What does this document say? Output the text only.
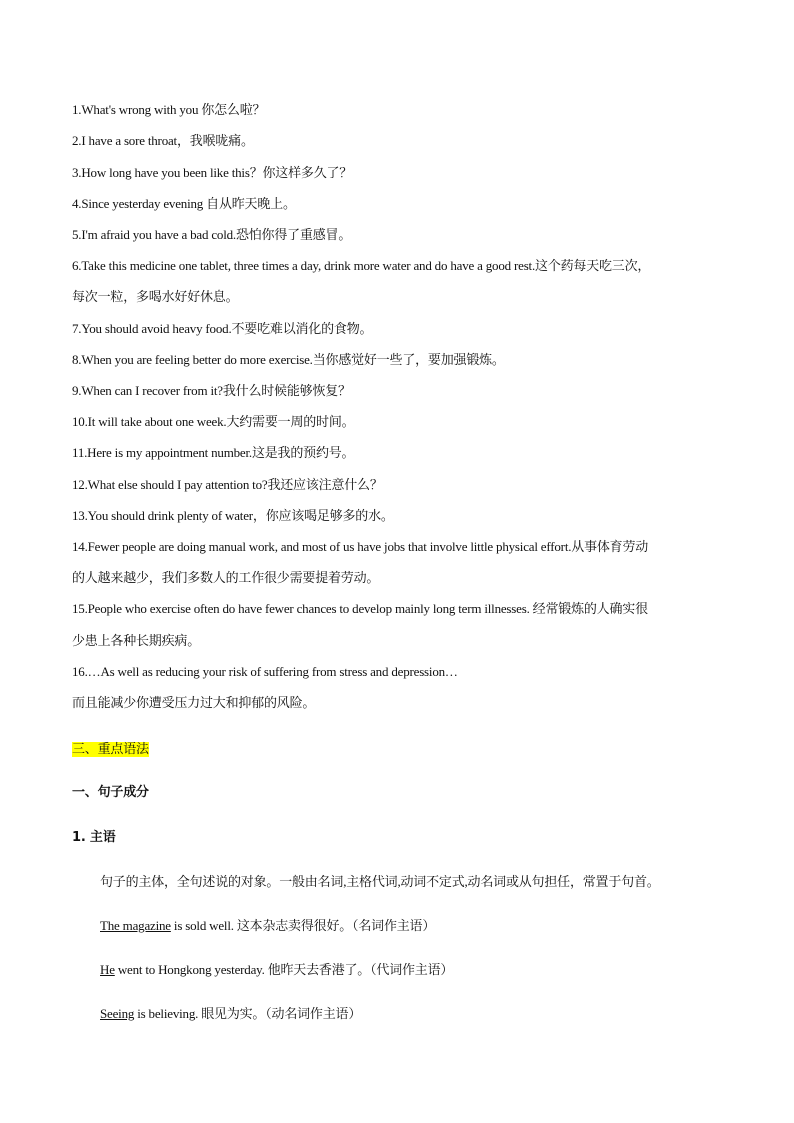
1.What's wrong with you 你怎么啦？
2.I have a sore throat，我喉咙痛。
3.How long have you been like this？你这样多久了？
4.Since yesterday evening 自从昨天晚上。
5.I'm afraid you have a bad cold.恐怕你得了重感冒。
6.Take this medicine one tablet, three times a day, drink more water and do have a good rest.这个药每天吃三次，
每次一粒，多喝水好好休息。
7.You should avoid heavy food.不要吃难以消化的食物。
8.When you are feeling better do more exercise.当你感觉好一些了，要加强锻炼。
9.When can I recover from it?我什么时候能够恢复？
10.It will take about one week.大约需要一周的时间。
11.Here is my appointment number.这是我的预约号。
12.What else should I pay attention to?我还应该注意什么？
13.You should drink plenty of water，你应该喝足够多的水。
14.Fewer people are doing manual work, and most of us have jobs that involve little physical effort.从事体育劳动
的人越来越少，我们多数人的工作很少需要提着劳动。
15.People who exercise often do have fewer chances to develop mainly long term illnesses. 经常锻炼的人确实很
少患上各种长期疾病。
16.…As well as reducing your risk of suffering from stress and depression…
而且能减少你遭受压力过大和抑郁的风险。
三、重点语法
一、句子成分
1. 主语
句子的主体，全句述说的对象。一般由名词,主格代词,动词不定式,动名词或从句担任，常置于句首。
The magazine is sold well. 这本杂志卖得很好。（名词作主语）
He went to Hongkong yesterday. 他昨天去香港了。（代词作主语）
Seeing is believing. 眼见为实。（动名词作主语）
